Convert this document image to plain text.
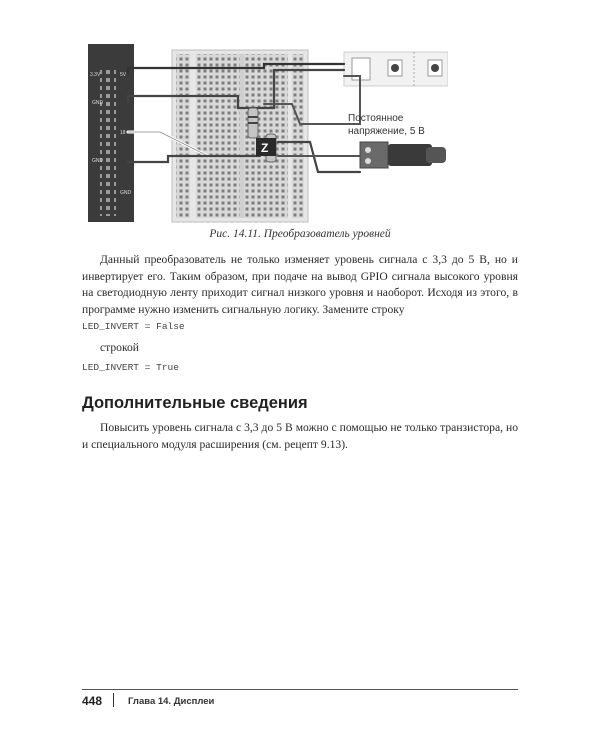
3.3V	5V
GND
18
GND
GND
Z
Постоянное
напряжение, 5 В
Рис. 14.11. Преобразователь уровней

Данный преобразователь не только изменяет уровень сигнала с 3,3 до 5 В, но и инвертирует его. Таким образом, при подаче на вывод GPIO сигнала высокого уровня на светодиодную ленту приходит сигнал низкого уровня и наоборот. Исходя из этого, в программе нужно изменить сигнальную логику. Замените строку

LED_INVERT = False

строкой

LED_INVERT = True
Дополнительные сведения

Повысить уровень сигнала с 3,3 до 5 В можно с помощью не только транзистора, но и специального модуля расширения (см. рецепт 9.13).

448	Глава 14. Дисплеи
